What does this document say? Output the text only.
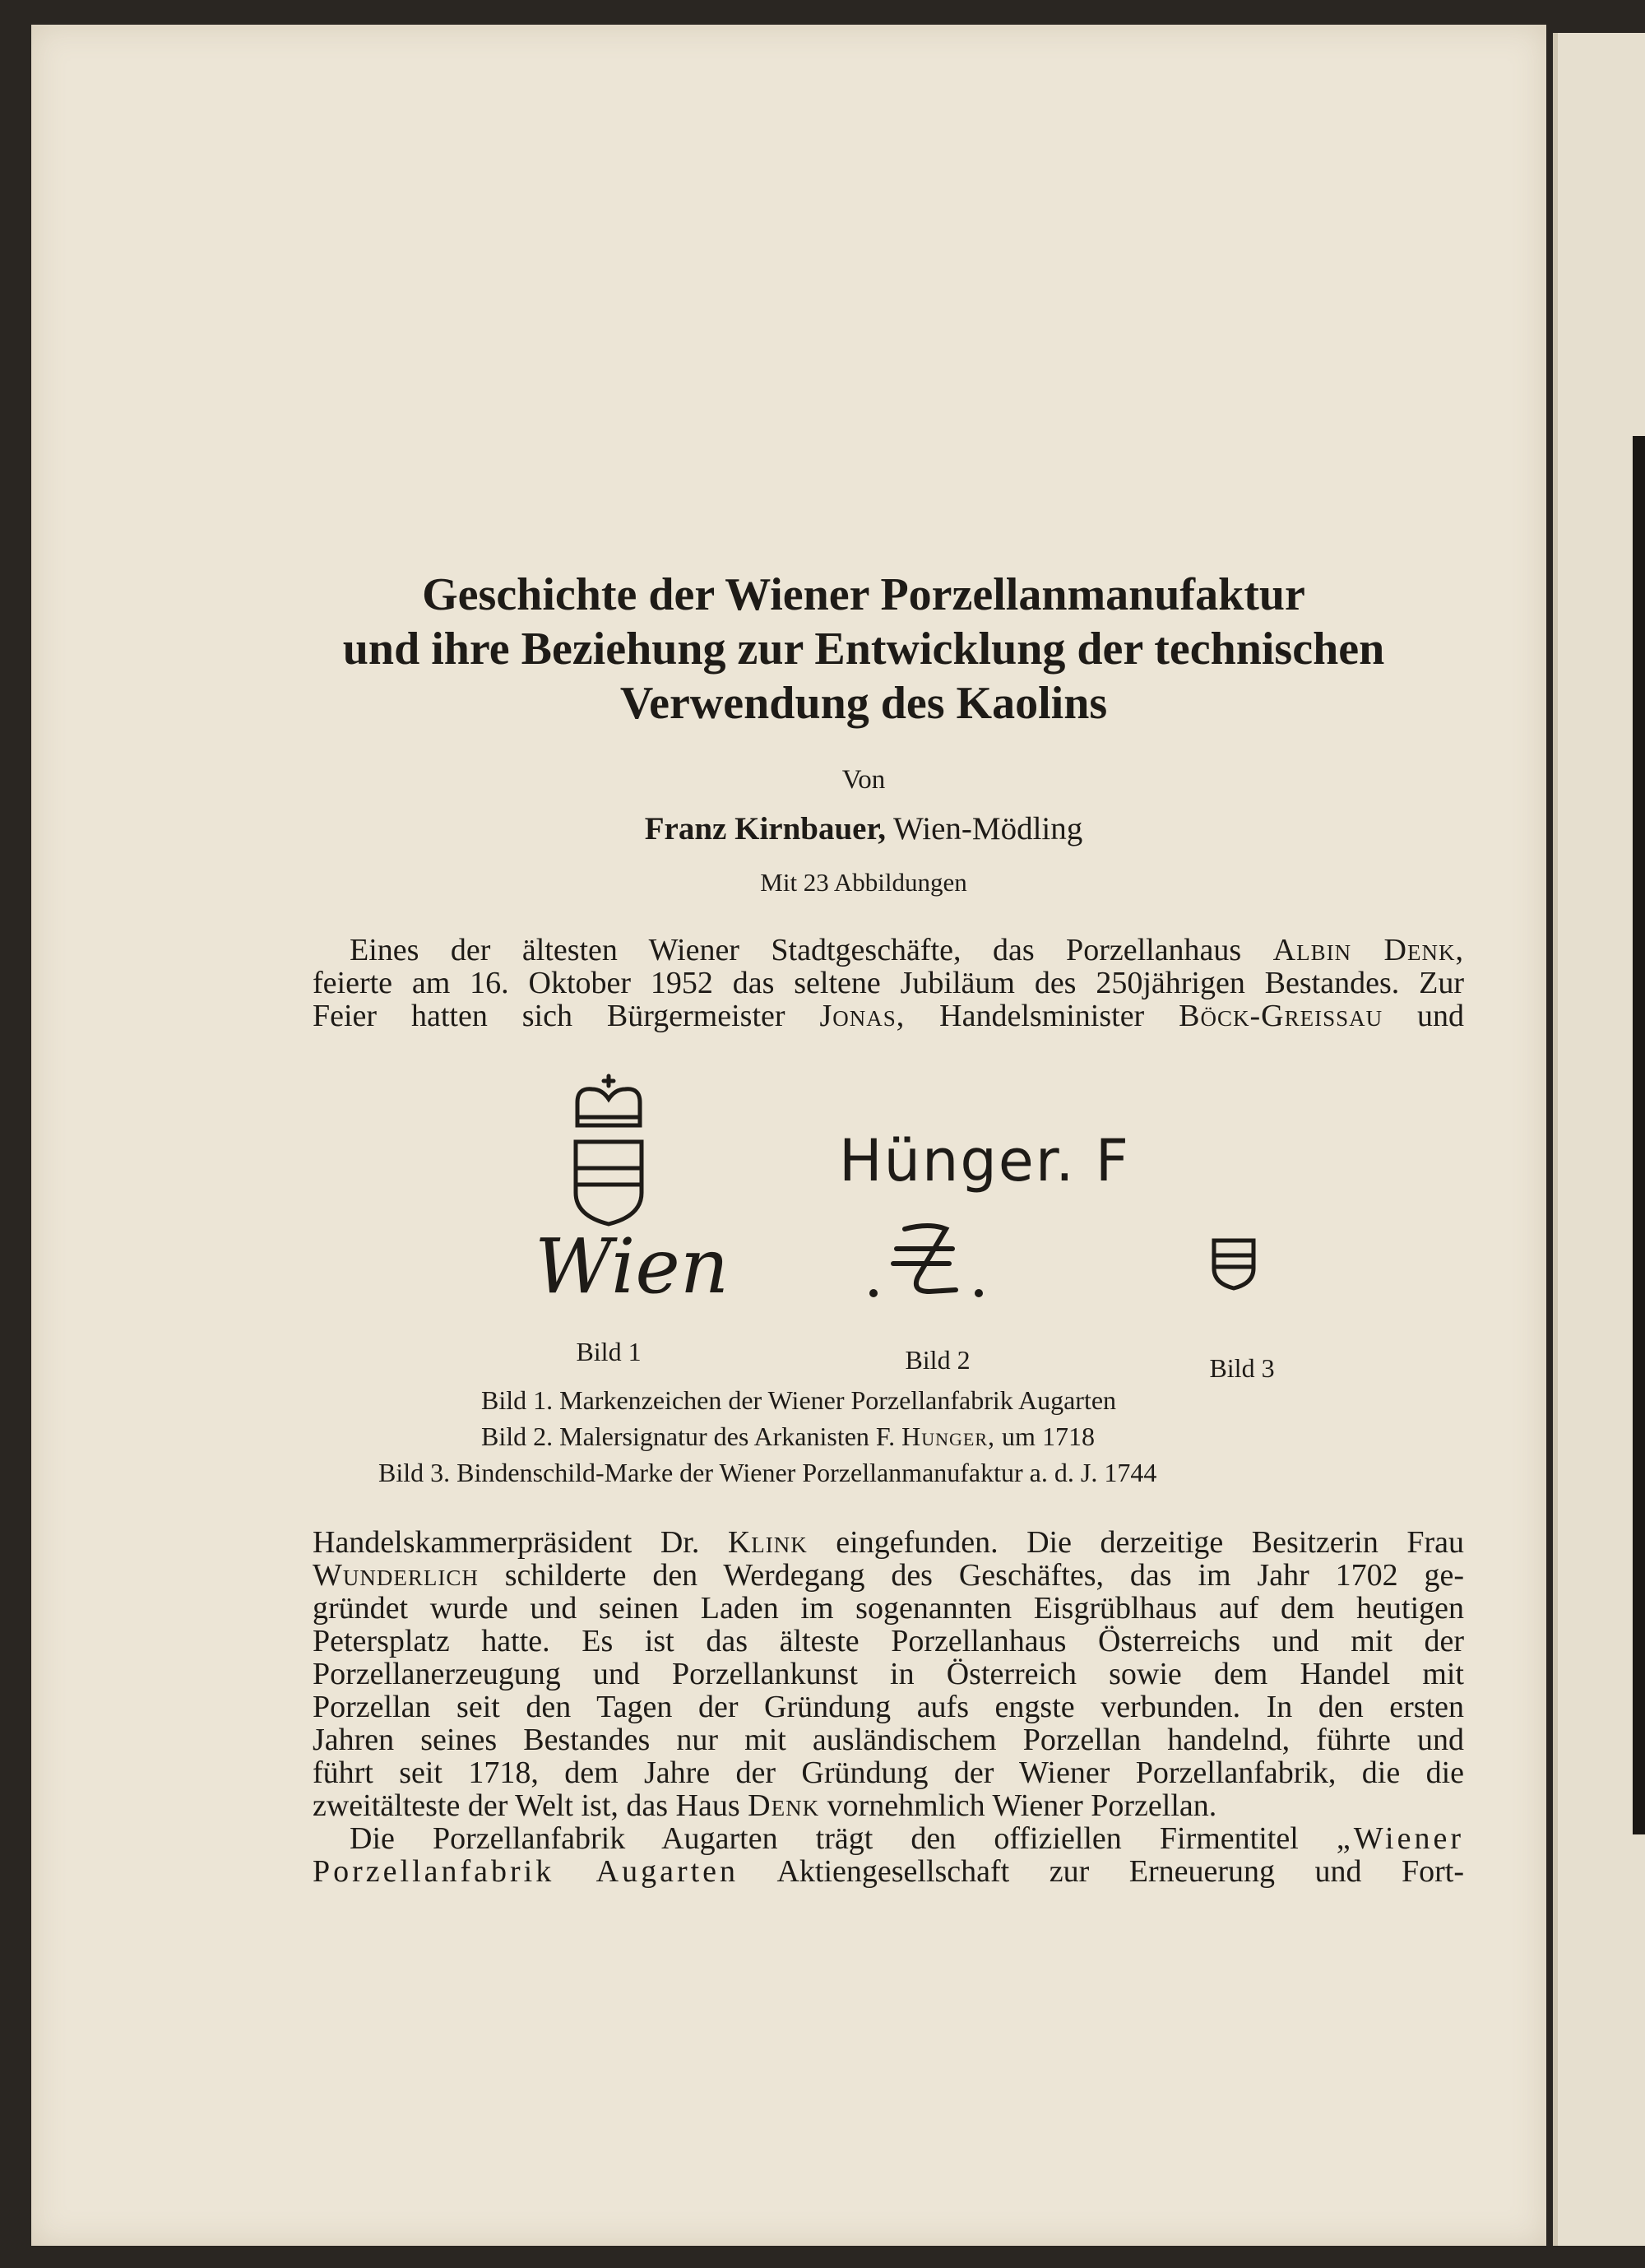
Geschichte der Wiener Porzellanmanufaktur
und ihre Beziehung zur Entwicklung der technischen
Verwendung des Kaolins
Von
Franz Kirnbauer, Wien-Mödling
Mit 23 Abbildungen
Eines der ältesten Wiener Stadtgeschäfte, das Porzellanhaus Albin Denk,
feierte am 16. Oktober 1952 das seltene Jubiläum des 250jährigen Bestandes. Zur
Feier hatten sich Bürgermeister Jonas, Handelsminister Böck-Greissau und
Wien
Hünger. F
Bild 1	Bild 2	Bild 3
Bild 1. Markenzeichen der Wiener Porzellanfabrik Augarten
Bild 2. Malersignatur des Arkanisten F. Hunger, um 1718
Bild 3. Bindenschild-Marke der Wiener Porzellanmanufaktur a. d. J. 1744
Handelskammerpräsident Dr. Klink eingefunden. Die derzeitige Besitzerin Frau
Wunderlich schilderte den Werdegang des Geschäftes, das im Jahr 1702 ge-
gründet wurde und seinen Laden im sogenannten Eisgrüblhaus auf dem heutigen
Petersplatz hatte. Es ist das älteste Porzellanhaus Österreichs und mit der
Porzellanerzeugung und Porzellankunst in Österreich sowie dem Handel mit
Porzellan seit den Tagen der Gründung aufs engste verbunden. In den ersten
Jahren seines Bestandes nur mit ausländischem Porzellan handelnd, führte und
führt seit 1718, dem Jahre der Gründung der Wiener Porzellanfabrik, die die
zweitälteste der Welt ist, das Haus Denk vornehmlich Wiener Porzellan.
Die Porzellanfabrik Augarten trägt den offiziellen Firmentitel „Wiener
Porzellanfabrik Augarten Aktiengesellschaft zur Erneuerung und Fort-
